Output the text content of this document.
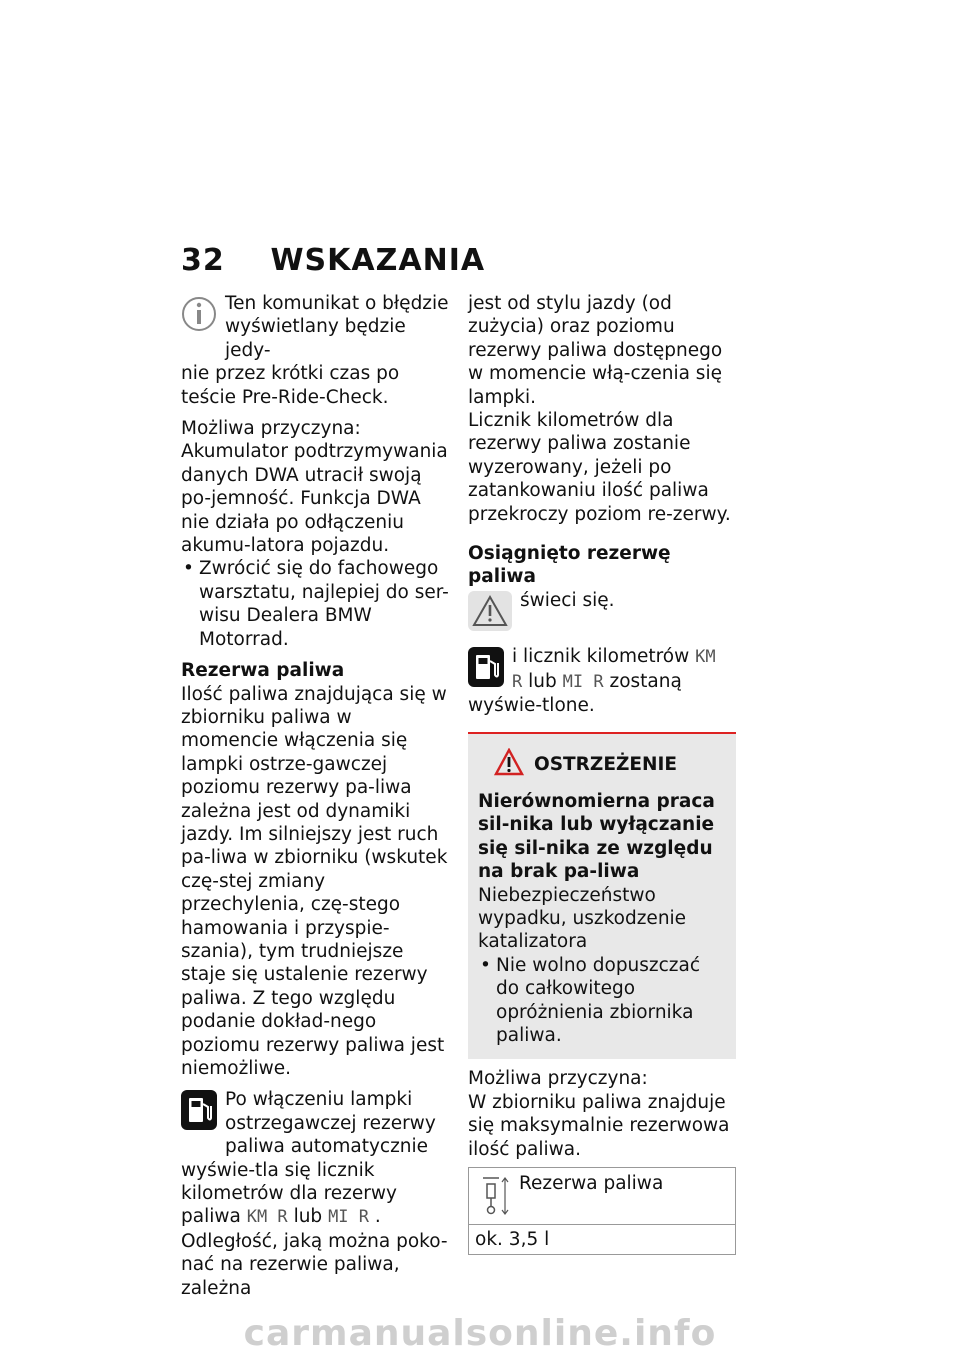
32 WSKAZANIA

Ten komunikat o błędzie wyświetlany będzie jedy-

nie przez krótki czas po teście Pre-Ride-Check.

Możliwa przyczyna:

Akumulator podtrzymywania danych DWA utracił swoją po-jemność. Funkcja DWA nie działa po odłączeniu akumu-latora pojazdu.

• Zwrócić się do fachowego warsztatu, najlepiej do ser-wisu Dealera BMW Motorrad.

Rezerwa paliwa

Ilość paliwa znajdująca się w zbiorniku paliwa w momencie włączenia się lampki ostrze-gawczej poziomu rezerwy pa-liwa zależna jest od dynamiki jazdy. Im silniejszy jest ruch pa-liwa w zbiorniku (wskutek czę-stej zmiany przechylenia, czę-stego hamowania i przyspie-szania), tym trudniejsze staje się ustalenie rezerwy paliwa. Z tego względu podanie dokład-nego poziomu rezerwy paliwa jest niemożliwe.

Po włączeniu lampki ostrzegawczej rezerwy paliwa automatycznie wyświe-tla się licznik kilometrów dla rezerwy paliwa KM R lub MI R . Odległość, jaką można poko-nać na rezerwie paliwa, zależna

jest od stylu jazdy (od zużycia) oraz poziomu rezerwy paliwa dostępnego w momencie włą-czenia się lampki.

Licznik kilometrów dla rezerwy paliwa zostanie wyzerowany, jeżeli po zatankowaniu ilość paliwa przekroczy poziom re-zerwy.

Osiągnięto rezerwę paliwa

świeci się.

i licznik kilometrów KM R lub MI R zostaną wyświe-tlone.

OSTRZEŻENIE

Nierównomierna praca sil-nika lub wyłączanie się sil-nika ze względu na brak pa-liwa

Niebezpieczeństwo wypadku, uszkodzenie katalizatora

• Nie wolno dopuszczać do całkowitego opróżnienia zbiornika paliwa.

Możliwa przyczyna:

W zbiorniku paliwa znajduje się maksymalnie rezerwowa ilość paliwa.

Rezerwa paliwa
ok. 3,5 l
carmanualsonline.info
